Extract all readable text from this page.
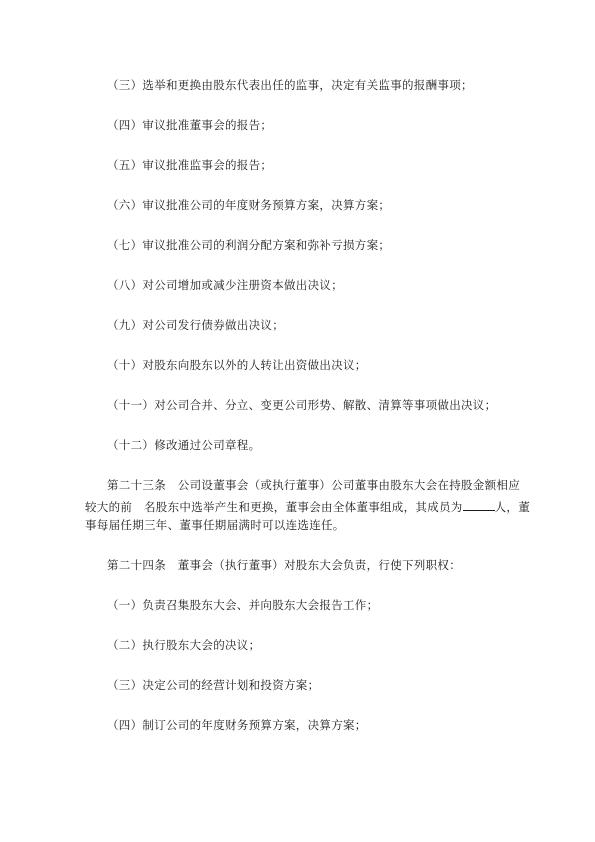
（三）选举和更换由股东代表出任的监事，决定有关监事的报酬事项；
（四）审议批准董事会的报告；
（五）审议批准监事会的报告；
（六）审议批准公司的年度财务预算方案，决算方案；
（七）审议批准公司的利润分配方案和弥补亏损方案；
（八）对公司增加或减少注册资本做出决议；
（九）对公司发行债券做出决议；
（十）对股东向股东以外的人转让出资做出决议；
（十一）对公司合并、分立、变更公司形势、解散、清算等事项做出决议；
（十二）修改通过公司章程。
第二十三条　公司设董事会（或执行董事）公司董事由股东大会在持股金额相应
较大的前　名股东中选举产生和更换，董事会由全体董事组成，其成员为	人，董
事每届任期三年、董事任期届满时可以连选连任。
第二十四条　董事会（执行董事）对股东大会负责，行使下列职权：
（一）负责召集股东大会、并向股东大会报告工作；
（二）执行股东大会的决议；
（三）决定公司的经营计划和投资方案；
（四）制订公司的年度财务预算方案，决算方案；
